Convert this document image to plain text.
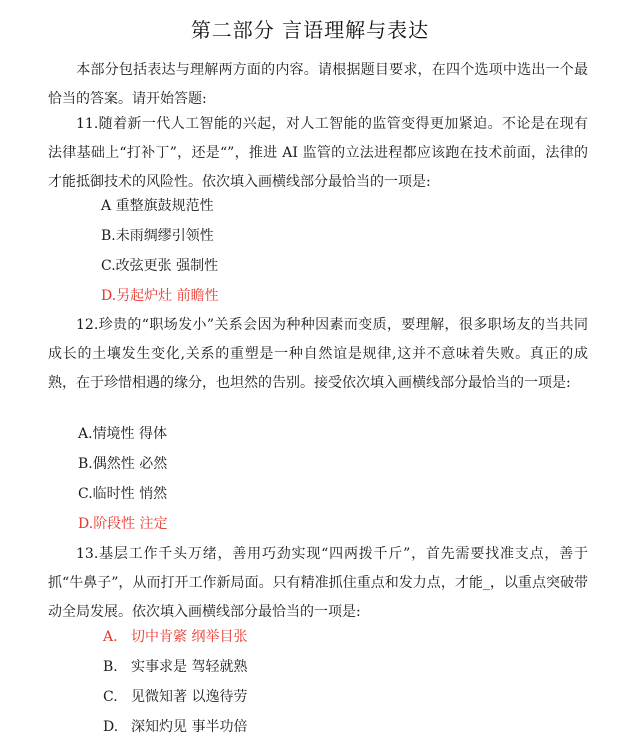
第二部分 言语理解与表达

本部分包括表达与理解两方面的内容。请根据题目要求，在四个选项中选出一个最恰当的答案。请开始答题:

11.随着新一代人工智能的兴起，对人工智能的监管变得更加紧迫。不论是在现有法律基础上“打补丁”，还是“”，推进 AI 监管的立法进程都应该跑在技术前面，法律的才能抵御技术的风险性。依次填入画横线部分最恰当的一项是:

A 重整旗鼓规范性
B.未雨绸缪引领性
C.改弦更张 强制性
D.另起炉灶 前瞻性

12.珍贵的“职场发小”关系会因为种种因素而变质，要理解，很多职场友的当共同成长的土壤发生变化,关系的重塑是一种自然谊是规律,这并不意味着失败。真正的成熟，在于珍惜相遇的缘分，也坦然的告别。接受依次填入画横线部分最恰当的一项是:

A.情境性 得体
B.偶然性 必然
C.临时性 悄然
D.阶段性 注定

13.基层工作千头万绪，善用巧劲实现“四两拨千斤”，首先需要找准支点，善于抓“牛鼻子”，从而打开工作新局面。只有精准抓住重点和发力点，才能_，以重点突破带动全局发展。依次填入画横线部分最恰当的一项是:

A. 切中肯綮 纲举目张
B. 实事求是 驾轻就熟
C. 见微知著 以逸待劳
D. 深知灼见 事半功倍
